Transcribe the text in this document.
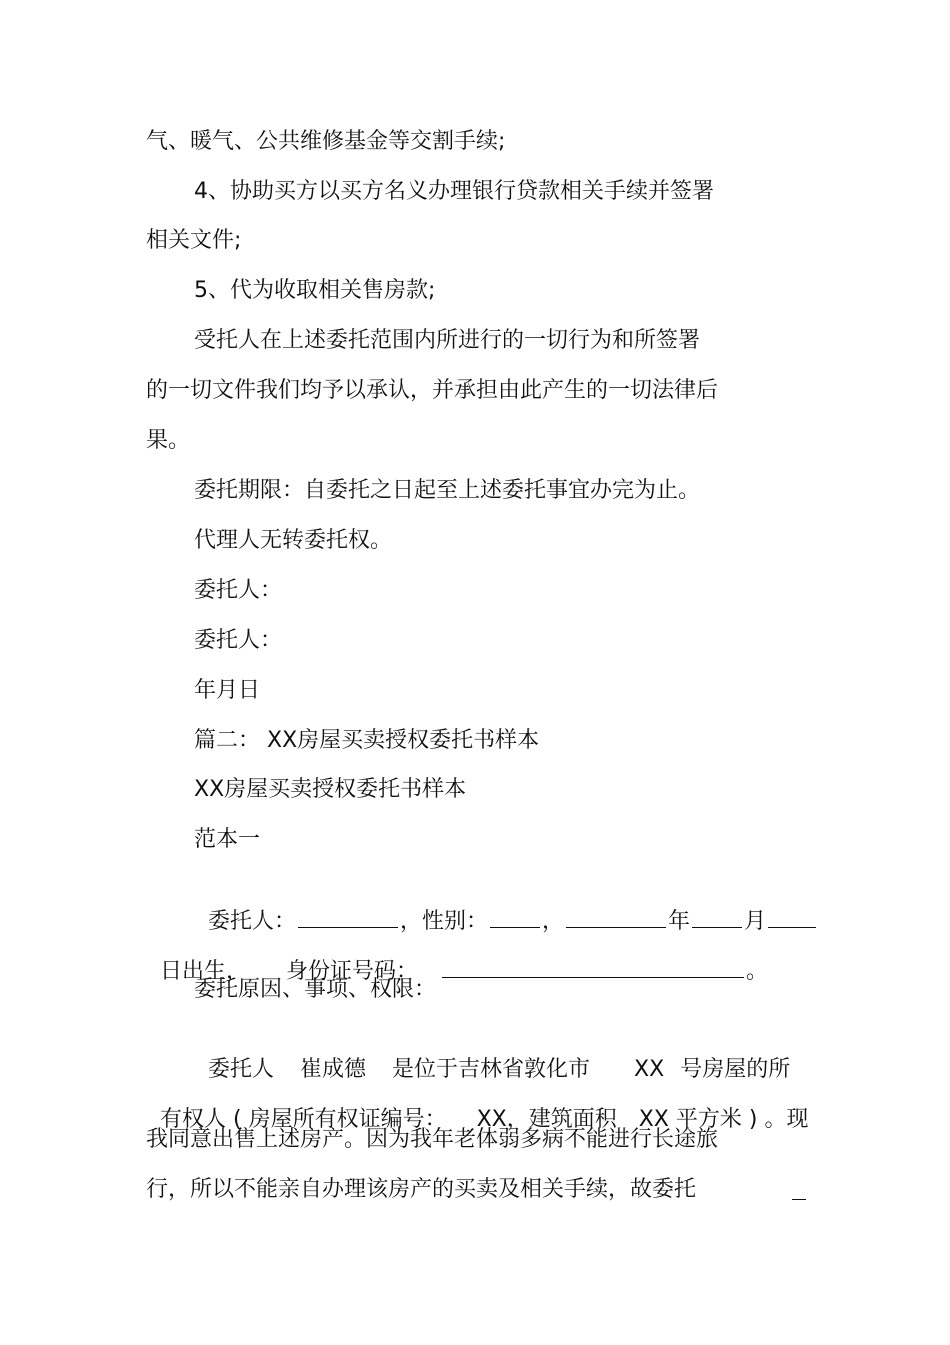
气、暖气、公共维修基金等交割手续;

4、协助买方以买方名义办理银行贷款相关手续并签署

相关文件;

5、代为收取相关售房款;

受托人在上述委托范围内所进行的一切行为和所签署

的一切文件我们均予以承认，并承担由此产生的一切法律后

果。

委托期限：自委托之日起至上述委托事宜办完为止。

代理人无转委托权。

委托人：

委托人：

年月日

篇二： XX房屋买卖授权委托书样本

XX房屋买卖授权委托书样本

范本一

委托人：	，性别： ，	年 月

日出生， 身份证号码：	。

委托原因、事项、权限：

委托人 崔成德 是位于吉林省敦化市 XX 号房屋的所

有权人 ( 房屋所有权证编号： XX，建筑面积 XX 平方米 ) 。现

我同意出售上述房产。因为我年老体弱多病不能进行长途旅

行，所以不能亲自办理该房产的买卖及相关手续，故委托
